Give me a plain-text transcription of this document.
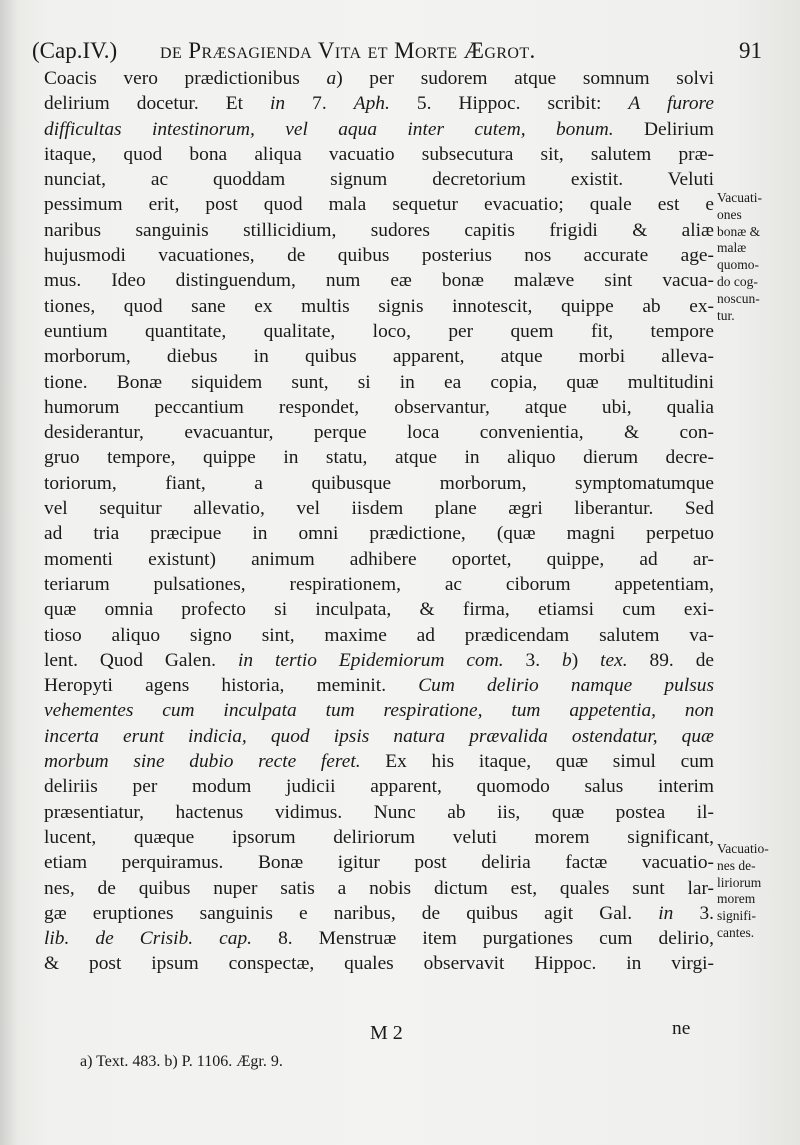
(Cap.IV.) de Præsagienda Vita et Morte Ægrot.	91
Coacis vero prædictionibus a) per sudorem atque somnum solvi
delirium docetur. Et in 7. Aph. 5. Hippoc. scribit: A furore
difficultas intestinorum, vel aqua inter cutem, bonum. Delirium
itaque, quod bona aliqua vacuatio subsecutura sit, salutem præ-
nunciat, ac quoddam signum decretorium existit. Veluti
pessimum erit, post quod mala sequetur evacuatio; quale est e
naribus sanguinis stillicidium, sudores capitis frigidi & aliæ
hujusmodi vacuationes, de quibus posterius nos accurate age-
mus. Ideo distinguendum, num eæ bonæ malæve sint vacua-
tiones, quod sane ex multis signis innotescit, quippe ab ex-
euntium quantitate, qualitate, loco, per quem fit, tempore
morborum, diebus in quibus apparent, atque morbi alleva-
tione. Bonæ siquidem sunt, si in ea copia, quæ multitudini
humorum peccantium respondet, observantur, atque ubi, qualia
desiderantur, evacuantur, perque loca convenientia, & con-
gruo tempore, quippe in statu, atque in aliquo dierum decre-
toriorum, fiant, a quibusque morborum, symptomatumque
vel sequitur allevatio, vel iisdem plane ægri liberantur. Sed
ad tria præcipue in omni prædictione, (quæ magni perpetuo
momenti existunt) animum adhibere oportet, quippe, ad ar-
teriarum pulsationes, respirationem, ac ciborum appetentiam,
quæ omnia profecto si inculpata, & firma, etiamsi cum exi-
tioso aliquo signo sint, maxime ad prædicendam salutem va-
lent. Quod Galen. in tertio Epidemiorum com. 3. b) tex. 89. de
Heropyti agens historia, meminit. Cum delirio namque pulsus
vehementes cum inculpata tum respiratione, tum appetentia, non
incerta erunt indicia, quod ipsis natura prævalida ostendatur, quæ
morbum sine dubio recte feret. Ex his itaque, quæ simul cum
deliriis per modum judicii apparent, quomodo salus interim
præsentiatur, hactenus vidimus. Nunc ab iis, quæ postea il-
lucent, quæque ipsorum deliriorum veluti morem significant,
etiam perquiramus. Bonæ igitur post deliria factæ vacuatio-
nes, de quibus nuper satis a nobis dictum est, quales sunt lar-
gæ eruptiones sanguinis e naribus, de quibus agit Gal. in 3.
lib. de Crisib. cap. 8. Menstruæ item purgationes cum delirio,
& post ipsum conspectæ, quales observavit Hippoc. in virgi-
Vacuati-
ones
bonæ &
malæ
quomo-
do cog-
noscun-
tur.
Vacuatio-
nes de-
liriorum
morem
signifi-
cantes.
M 2	ne
a) Text. 483. b) P. 1106. Ægr. 9.
